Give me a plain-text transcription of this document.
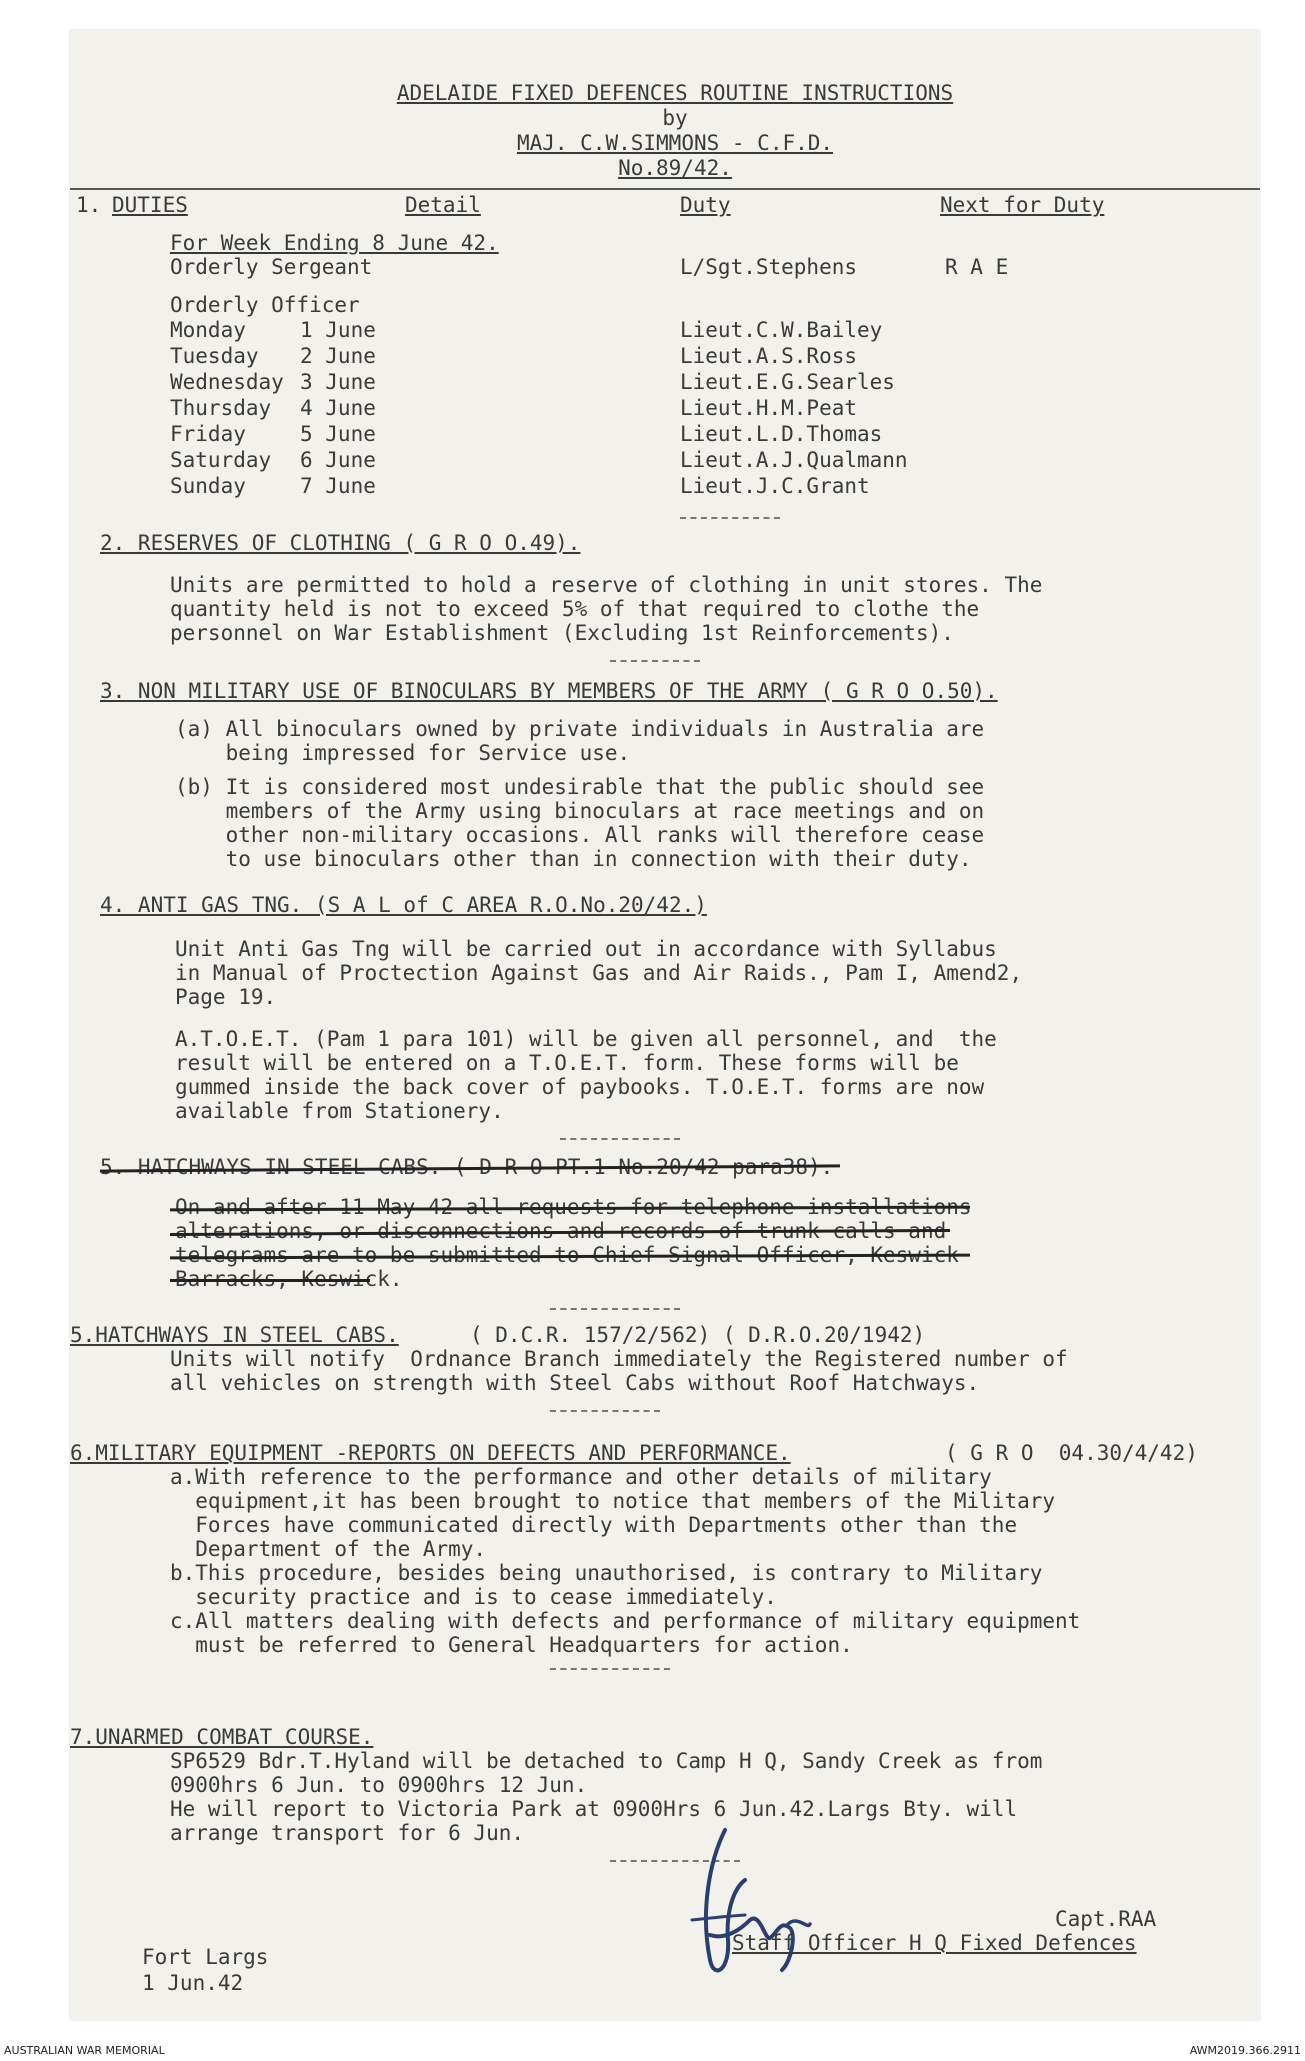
ADELAIDE FIXED DEFENCES ROUTINE INSTRUCTIONS
by
MAJ. C.W.SIMMONS - C.F.D.
No.89/42.
1. DUTIES	Detail	Duty	Next for Duty
For Week Ending 8 June 42.
Orderly Sergeant	L/Sgt.Stephens	R A E
Orderly Officer
Monday	1 June	Lieut.C.W.Bailey
Tuesday 2 June	Lieut.A.S.Ross
Wednesday 3 June	Lieut.E.G.Searles
Thursday 4 June	Lieut.H.M.Peat
Friday	5 June	Lieut.L.D.Thomas
Saturday 6 June	Lieut.A.J.Qualmann
Sunday	7 June	Lieut.J.C.Grant
2. RESERVES OF CLOTHING ( G R O O.49).
Units are permitted to hold a reserve of clothing in unit stores. The
quantity held is not to exceed 5% of that required to clothe the
personnel on War Establishment (Excluding 1st Reinforcements).
3. NON MILITARY USE OF BINOCULARS BY MEMBERS OF THE ARMY ( G R O O.50).
(a) All binoculars owned by private individuals in Australia are
being impressed for Service use.
(b) It is considered most undesirable that the public should see
members of the Army using binoculars at race meetings and on
other non-military occasions. All ranks will therefore cease
to use binoculars other than in connection with their duty.
4. ANTI GAS TNG. (S A L of C AREA R.O.No.20/42.)
Unit Anti Gas Tng will be carried out in accordance with Syllabus
in Manual of Proctection Against Gas and Air Raids., Pam I, Amend2,
Page 19.
A.T.O.E.T. (Pam 1 para 101) will be given all personnel, and  the
result will be entered on a T.O.E.T. form. These forms will be
gummed inside the back cover of paybooks. T.O.E.T. forms are now
available from Stationery.
5. HATCHWAYS IN STEEL CABS. ( D R O PT.1 No.20/42 para38).
On and after 11 May 42 all requests for telephone installations
alterations, or disconnections and records of trunk calls and
telegrams are to be submitted to Chief Signal Officer, Keswick
Barracks, Keswick.
5.HATCHWAYS IN STEEL CABS.	( D.C.R. 157/2/562) ( D.R.O.20/1942)
Units will notify  Ordnance Branch immediately the Registered number of
all vehicles on strength with Steel Cabs without Roof Hatchways.
6.MILITARY EQUIPMENT -REPORTS ON DEFECTS AND PERFORMANCE.	( G R O  04.30/4/42)
a.With reference to the performance and other details of military
equipment,it has been brought to notice that members of the Military
Forces have communicated directly with Departments other than the
Department of the Army.
b.This procedure, besides being unauthorised, is contrary to Military
security practice and is to cease immediately.
c.All matters dealing with defects and performance of military equipment
must be referred to General Headquarters for action.
7.UNARMED COMBAT COURSE.
SP6529 Bdr.T.Hyland will be detached to Camp H Q, Sandy Creek as from
0900hrs 6 Jun. to 0900hrs 12 Jun.
He will report to Victoria Park at 0900Hrs 6 Jun.42.Largs Bty. will
arrange transport for 6 Jun.
Capt.RAA
Staff Officer H Q Fixed Defences
Fort Largs
1 Jun.42
AUSTRALIAN WAR MEMORIAL	AWM2019.366.2911
